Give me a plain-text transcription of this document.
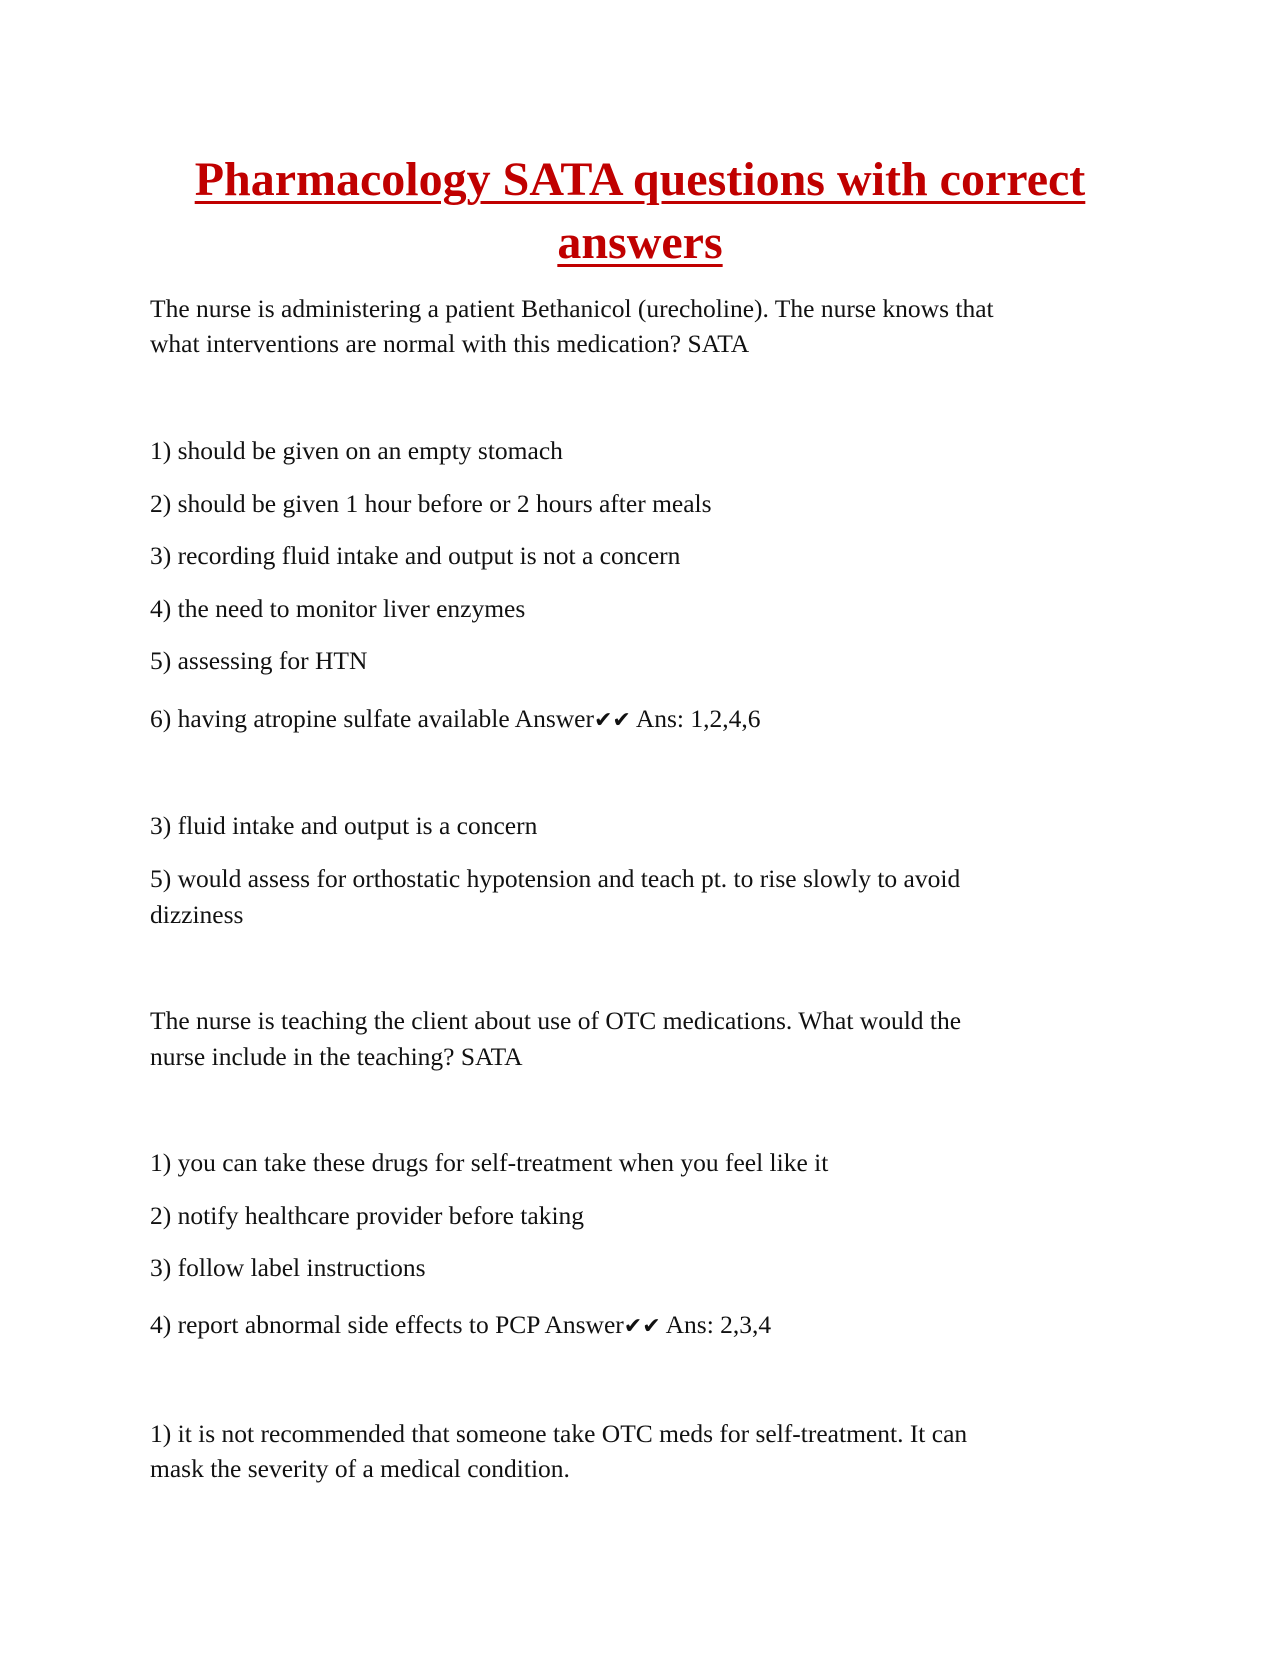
Pharmacology SATA questions with correct
answers
The nurse is administering a patient Bethanicol (urecholine). The nurse knows that
what interventions are normal with this medication? SATA
1) should be given on an empty stomach
2) should be given 1 hour before or 2 hours after meals
3) recording fluid intake and output is not a concern
4) the need to monitor liver enzymes
5) assessing for HTN
6) having atropine sulfate available Answer✔✔ Ans: 1,2,4,6
3) fluid intake and output is a concern
5) would assess for orthostatic hypotension and teach pt. to rise slowly to avoid
dizziness
The nurse is teaching the client about use of OTC medications. What would the
nurse include in the teaching? SATA
1) you can take these drugs for self-treatment when you feel like it
2) notify healthcare provider before taking
3) follow label instructions
4) report abnormal side effects to PCP Answer✔✔ Ans: 2,3,4
1) it is not recommended that someone take OTC meds for self-treatment. It can
mask the severity of a medical condition.
